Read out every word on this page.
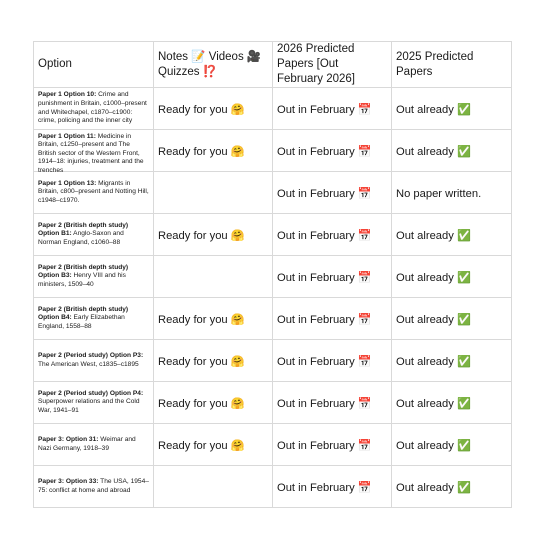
Option	Notes 📝 Videos 🎥 Quizzes ⁉️	2026 Predicted Papers [Out February 2026]	2025 Predicted Papers

Paper 1 Option 10: Crime and punishment in Britain, c1000–present and Whitechapel, c1870–c1900: crime, policing and the inner city	Ready for you 🤗	Out in February 📅	Out already ✅

Paper 1 Option 11: Medicine in Britain, c1250–present and The British sector of the Western Front, 1914–18: injuries, treatment and the trenches	Ready for you 🤗	Out in February 📅	Out already ✅

Paper 1 Option 13: Migrants in Britain, c800–present and Notting Hill, c1948–c1970.		Out in February 📅	No paper written.

Paper 2 (British depth study) Option B1: Anglo-Saxon and Norman England, c1060–88	Ready for you 🤗	Out in February 📅	Out already ✅

Paper 2 (British depth study) Option B3: Henry VIII and his ministers, 1509–40		Out in February 📅	Out already ✅

Paper 2 (British depth study) Option B4: Early Elizabethan England, 1558–88	Ready for you 🤗	Out in February 📅	Out already ✅

Paper 2 (Period study) Option P3: The American West, c1835–c1895	Ready for you 🤗	Out in February 📅	Out already ✅

Paper 2 (Period study) Option P4: Superpower relations and the Cold War, 1941–91	Ready for you 🤗	Out in February 📅	Out already ✅

Paper 3: Option 31: Weimar and Nazi Germany, 1918–39	Ready for you 🤗	Out in February 📅	Out already ✅

Paper 3: Option 33: The USA, 1954–75: conflict at home and abroad		Out in February 📅	Out already ✅
